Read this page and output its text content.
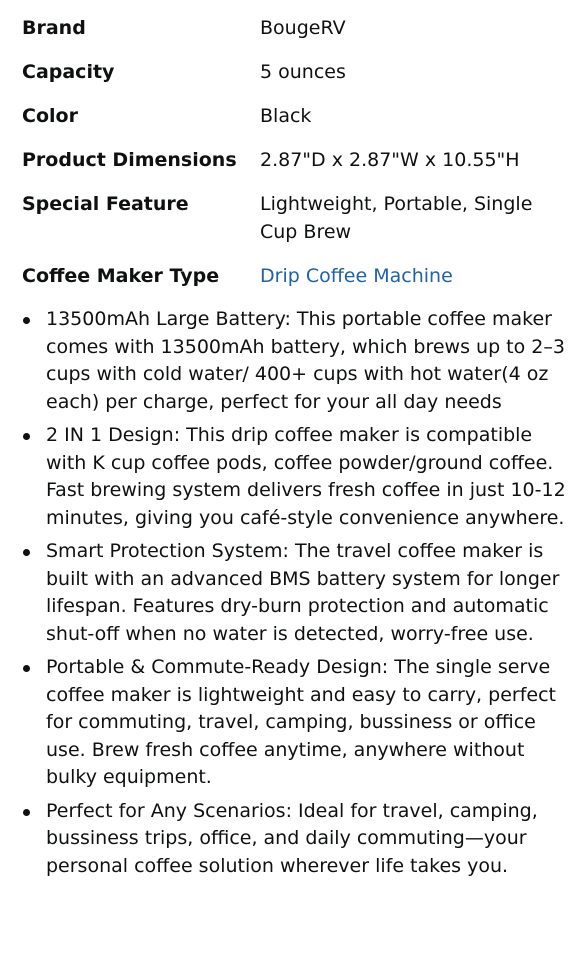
Brand	BougeRV
Capacity	5 ounces
Color	Black
Product Dimensions	2.87"D x 2.87"W x 10.55"H
Special Feature	Lightweight, Portable, Single Cup Brew
Coffee Maker Type	Drip Coffee Machine
13500mAh Large Battery: This portable coffee maker comes with 13500mAh battery, which brews up to 2–3 cups with cold water/ 400+ cups with hot water(4 oz each) per charge, perfect for your all day needs
2 IN 1 Design: This drip coffee maker is compatible with K cup coffee pods, coffee powder/ground coffee. Fast brewing system delivers fresh coffee in just 10-12 minutes, giving you café-style convenience anywhere.
Smart Protection System: The travel coffee maker is built with an advanced BMS battery system for longer lifespan. Features dry-burn protection and automatic shut-off when no water is detected, worry-free use.
Portable & Commute-Ready Design: The single serve coffee maker is lightweight and easy to carry, perfect for commuting, travel, camping, bussiness or office use. Brew fresh coffee anytime, anywhere without bulky equipment.
Perfect for Any Scenarios: Ideal for travel, camping, bussiness trips, office, and daily commuting—your personal coffee solution wherever life takes you.
